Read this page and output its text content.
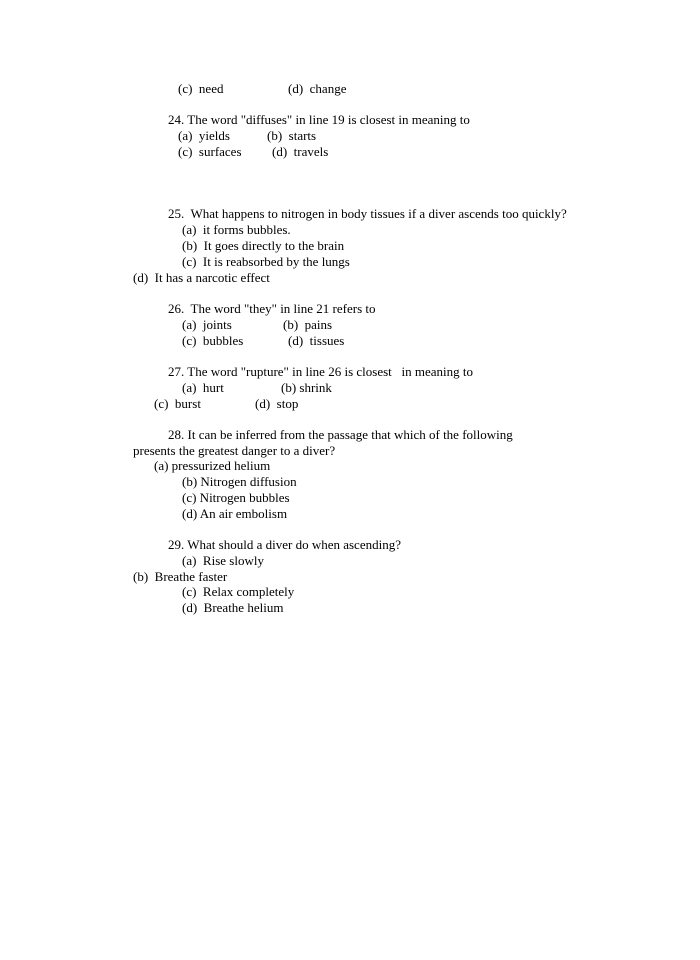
(c)  need	(d)  change
24. The word "diffuses" in line 19 is closest in meaning to
(a)  yields	(b)  starts
(c)  surfaces (d)  travels
25.  What happens to nitrogen in body tissues if a diver ascends too quickly?
(a)  it forms bubbles.
(b)  It goes directly to the brain
(c)  It is reabsorbed by the lungs
(d)  It has a narcotic effect
26.  The word "they" in line 21 refers to
(a)  joints	(b)  pains
(c)  bubbles	(d)  tissues
27. The word "rupture" in line 26 is closest   in meaning to
(a)  hurt	(b) shrink
(c)  burst	(d)  stop
28. It can be inferred from the passage that which of the following
presents the greatest danger to a diver?
(a) pressurized helium
(b) Nitrogen diffusion
(c) Nitrogen bubbles
(d) An air embolism
29. What should a diver do when ascending?
(a)  Rise slowly
(b)  Breathe faster
(c)  Relax completely
(d)  Breathe helium
